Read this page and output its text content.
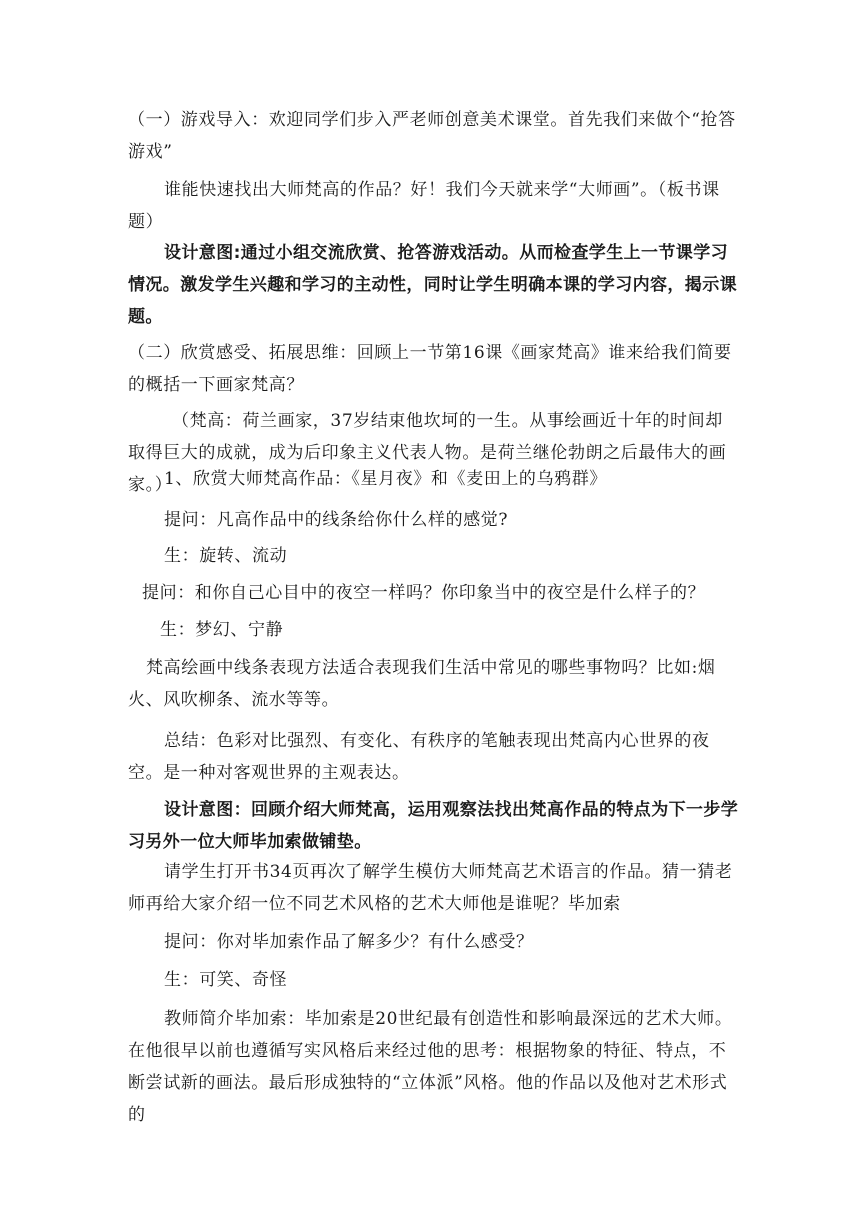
（一）游戏导入：欢迎同学们步入严老师创意美术课堂。首先我们来做个“抢答游戏”

谁能快速找出大师梵高的作品？好！我们今天就来学“大师画”。（板书课题）

设计意图:通过小组交流欣赏、抢答游戏活动。从而检查学生上一节课学习情况。激发学生兴趣和学习的主动性，同时让学生明确本课的学习内容，揭示课题。

（二）欣赏感受、拓展思维：回顾上一节第16课《画家梵高》谁来给我们简要的概括一下画家梵高？

（梵高：荷兰画家，37岁结束他坎坷的一生。从事绘画近十年的时间却取得巨大的成就，成为后印象主义代表人物。是荷兰继伦勃朗之后最伟大的画家。）

1、欣赏大师梵高作品：《星月夜》和《麦田上的乌鸦群》

提问：凡高作品中的线条给你什么样的感觉?

生：旋转、流动

提问：和你自己心目中的夜空一样吗？你印象当中的夜空是什么样子的？

生：梦幻、宁静

梵高绘画中线条表现方法适合表现我们生活中常见的哪些事物吗？比如:烟火、风吹柳条、流水等等。

总结：色彩对比强烈、有变化、有秩序的笔触表现出梵高内心世界的夜空。是一种对客观世界的主观表达。

设计意图：回顾介绍大师梵高，运用观察法找出梵高作品的特点为下一步学习另外一位大师毕加索做铺垫。

请学生打开书34页再次了解学生模仿大师梵高艺术语言的作品。猜一猜老师再给大家介绍一位不同艺术风格的艺术大师他是谁呢？毕加索

提问：你对毕加索作品了解多少？有什么感受？

生：可笑、奇怪

教师简介毕加索：毕加索是20世纪最有创造性和影响最深远的艺术大师。在他很早以前也遵循写实风格后来经过他的思考：根据物象的特征、特点，不断尝试新的画法。最后形成独特的“立体派”风格。他的作品以及他对艺术形式的
